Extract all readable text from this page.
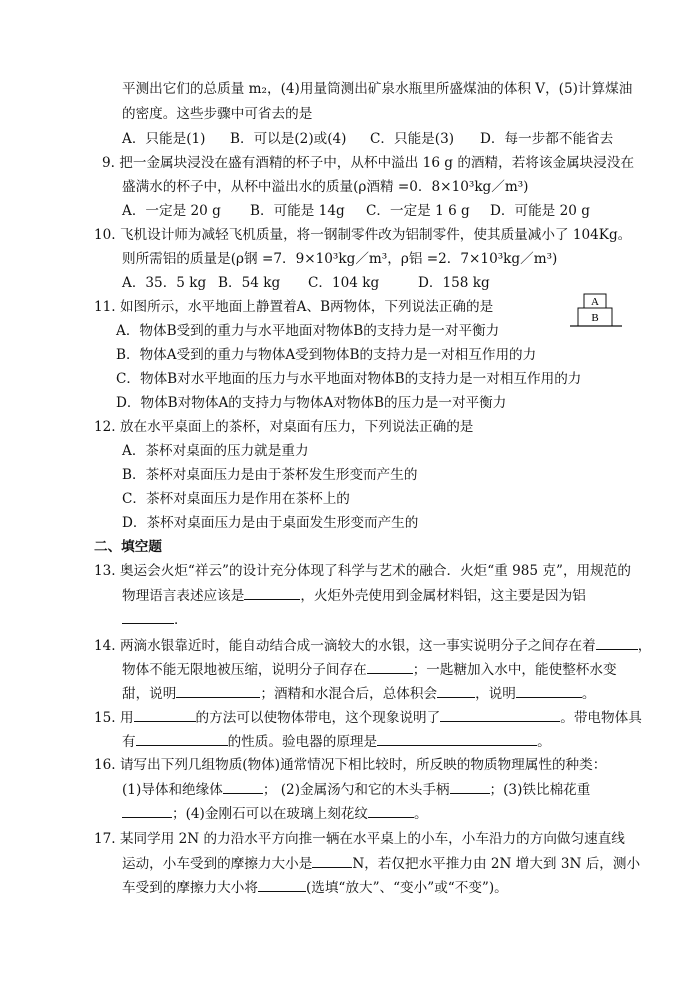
平测出它们的总质量 m₂，(4)用量筒测出矿泉水瓶里所盛煤油的体积 V，(5)计算煤油
的密度。这些步骤中可省去的是
A．只能是(1) B．可以是(2)或(4) C．只能是(3) D．每一步都不能省去
9. 把一金属块浸没在盛有酒精的杯子中，从杯中溢出 16 g 的酒精，若将该金属块浸没在
盛满水的杯子中，从杯中溢出水的质量(ρ酒精 =0．8×10³kg／m³)
A．一定是 20 g B．可能是 14g C．一定是 1 6 g D．可能是 20 g
10. 飞机设计师为减轻飞机质量，将一钢制零件改为铝制零件，使其质量减小了 104Kg。
则所需铝的质量是(ρ钢 =7．9×10³kg／m³，ρ铝 =2．7×10³kg／m³)
A．35．5 kg B．54 kg C．104 kg	D．158 kg
11. 如图所示，水平地面上静置着A、B两物体，下列说法正确的是	A
B
A．物体B受到的重力与水平地面对物体B的支持力是一对平衡力
B．物体A受到的重力与物体A受到物体B的支持力是一对相互作用的力
C．物体B对水平地面的压力与水平地面对物体B的支持力是一对相互作用的力
D．物体B对物体A的支持力与物体A对物体B的压力是一对平衡力
12. 放在水平桌面上的茶杯，对桌面有压力，下列说法正确的是
A．茶杯对桌面的压力就是重力
B．茶杯对桌面压力是由于茶杯发生形变而产生的
C．茶杯对桌面压力是作用在茶杯上的
D．茶杯对桌面压力是由于桌面发生形变而产生的
二、填空题
13. 奥运会火炬“祥云”的设计充分体现了科学与艺术的融合．火炬“重 985 克”，用规范的
物理语言表述应该是	，火炬外壳使用到金属材料铝，这主要是因为铝
．
14. 两滴水银靠近时，能自动结合成一滴较大的水银，这一事实说明分子之间存在着	，
物体不能无限地被压缩，说明分子间存在	；一匙糖加入水中，能使整杯水变
甜，说明	；酒精和水混合后，总体积会	，说明	。
15. 用	的方法可以使物体带电，这个现象说明了	。带电物体具
有	的性质。验电器的原理是	。
16. 请写出下列几组物质(物体)通常情况下相比较时，所反映的物质物理属性的种类：
(1)导体和绝缘体	； (2)金属汤勺和它的木头手柄	；(3)铁比棉花重
；(4)金刚石可以在玻璃上刻花纹	。
17. 某同学用 2N 的力沿水平方向推一辆在水平桌上的小车，小车沿力的方向做匀速直线
运动，小车受到的摩擦力大小是	N，若仅把水平推力由 2N 增大到 3N 后，测小
车受到的摩擦力大小将	(选填“放大”、“变小”或“不变”)。
